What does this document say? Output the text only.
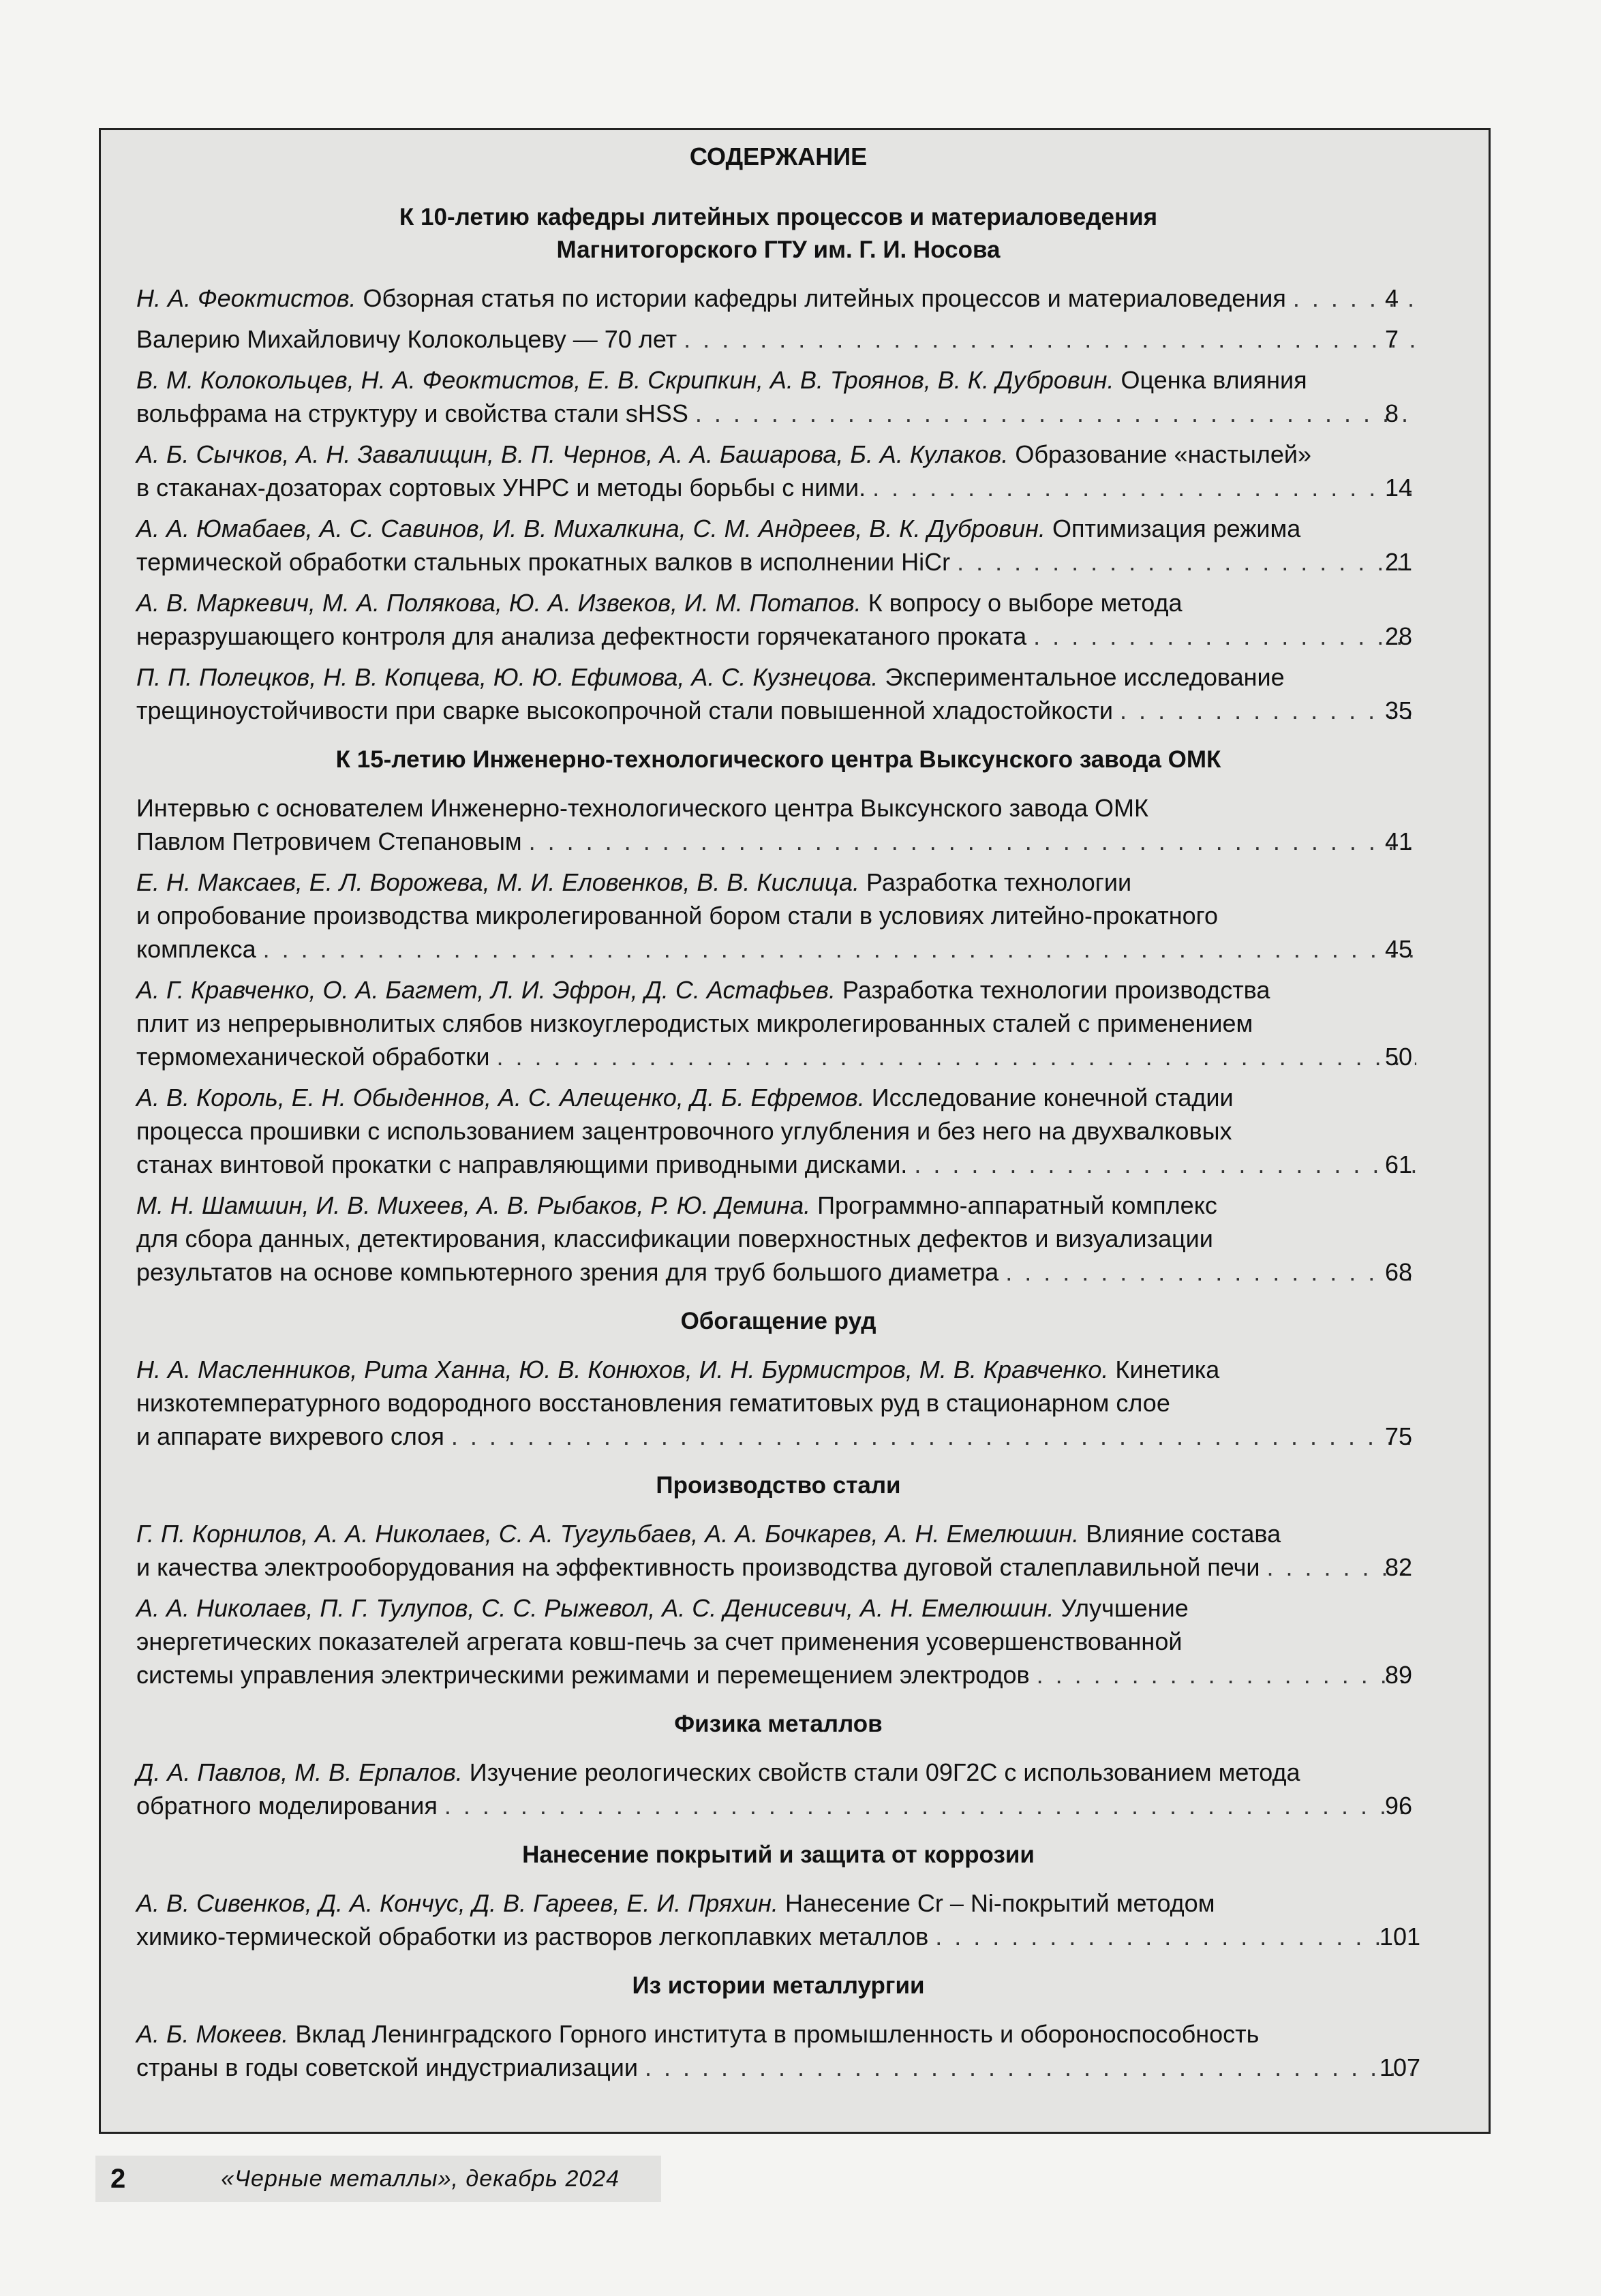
СОДЕРЖАНИЕ
К 10-летию кафедры литейных процессов и материаловедения
Магнитогорского ГТУ им. Г. И. Носова
Н. А. Феоктистов. Обзорная статья по истории кафедры литейных процессов и материаловедения . . .	4
Валерию Михайловичу Колокольцеву — 70 лет . . .	7
В. М. Колокольцев, Н. А. Феоктистов, Е. В. Скрипкин, А. В. Троянов, В. К. Дубровин. Оценка влияния
вольфрама на структуру и свойства стали sHSS . . .	8
А. Б. Сычков, А. Н. Завалищин, В. П. Чернов, А. А. Башарова, Б. А. Кулаков. Образование «настылей»
в стаканах-дозаторах сортовых УНРС и методы борьбы с ними. . . .	14
А. А. Юмабаев, А. С. Савинов, И. В. Михалкина, С. М. Андреев, В. К. Дубровин. Оптимизация режима
термической обработки стальных прокатных валков в исполнении HiCr . . .	21
А. В. Маркевич, М. А. Полякова, Ю. А. Извеков, И. М. Потапов. К вопросу о выборе метода
неразрушающего контроля для анализа дефектности горячекатаного проката . . .	28
П. П. Полецков, Н. В. Копцева, Ю. Ю. Ефимова, А. С. Кузнецова. Экспериментальное исследование
трещиноустойчивости при сварке высокопрочной стали повышенной хладостойкости . . .	35
К 15-летию Инженерно-технологического центра Выксунского завода ОМК
Интервью с основателем Инженерно-технологического центра Выксунского завода ОМК
Павлом Петровичем Степановым . . .	41
Е. Н. Максаев, Е. Л. Ворожева, М. И. Еловенков, В. В. Кислица. Разработка технологии
и опробование производства микролегированной бором стали в условиях литейно-прокатного
комплекса . . .	45
А. Г. Кравченко, О. А. Багмет, Л. И. Эфрон, Д. С. Астафьев. Разработка технологии производства
плит из непрерывнолитых слябов низкоуглеродистых микролегированных сталей с применением
термомеханической обработки . . .	50
А. В. Король, Е. Н. Обыденнов, А. С. Алещенко, Д. Б. Ефремов. Исследование конечной стадии
процесса прошивки с использованием зацентровочного углубления и без него на двухвалковых
станах винтовой прокатки с направляющими приводными дисками. . . .	61
М. Н. Шамшин, И. В. Михеев, А. В. Рыбаков, Р. Ю. Демина. Программно-аппаратный комплекс
для сбора данных, детектирования, классификации поверхностных дефектов и визуализации
результатов на основе компьютерного зрения для труб большого диаметра . . .	68
Обогащение руд
Н. А. Масленников, Рита Ханна, Ю. В. Конюхов, И. Н. Бурмистров, М. В. Кравченко. Кинетика
низкотемпературного водородного восстановления гематитовых руд в стационарном слое
и аппарате вихревого слоя . . .	75
Производство стали
Г. П. Корнилов, А. А. Николаев, С. А. Тугульбаев, А. А. Бочкарев, А. Н. Емелюшин. Влияние состава
и качества электрооборудования на эффективность производства дуговой сталеплавильной печи . . .	82
А. А. Николаев, П. Г. Тулупов, С. С. Рыжевол, А. С. Денисевич, А. Н. Емелюшин. Улучшение
энергетических показателей агрегата ковш-печь за счет применения усовершенствованной
системы управления электрическими режимами и перемещением электродов . . .	89
Физика металлов
Д. А. Павлов, М. В. Ерпалов. Изучение реологических свойств стали 09Г2С с использованием метода
обратного моделирования . . .	96
Нанесение покрытий и защита от коррозии
А. В. Сивенков, Д. А. Кончус, Д. В. Гареев, Е. И. Пряхин. Нанесение Cr – Ni-покрытий методом
химико-термической обработки из растворов легкоплавких металлов . . .	101
Из истории металлургии
А. Б. Мокеев. Вклад Ленинградского Горного института в промышленность и обороноспособность
страны в годы советской индустриализации . . .	107
2	«Черные металлы», декабрь 2024
